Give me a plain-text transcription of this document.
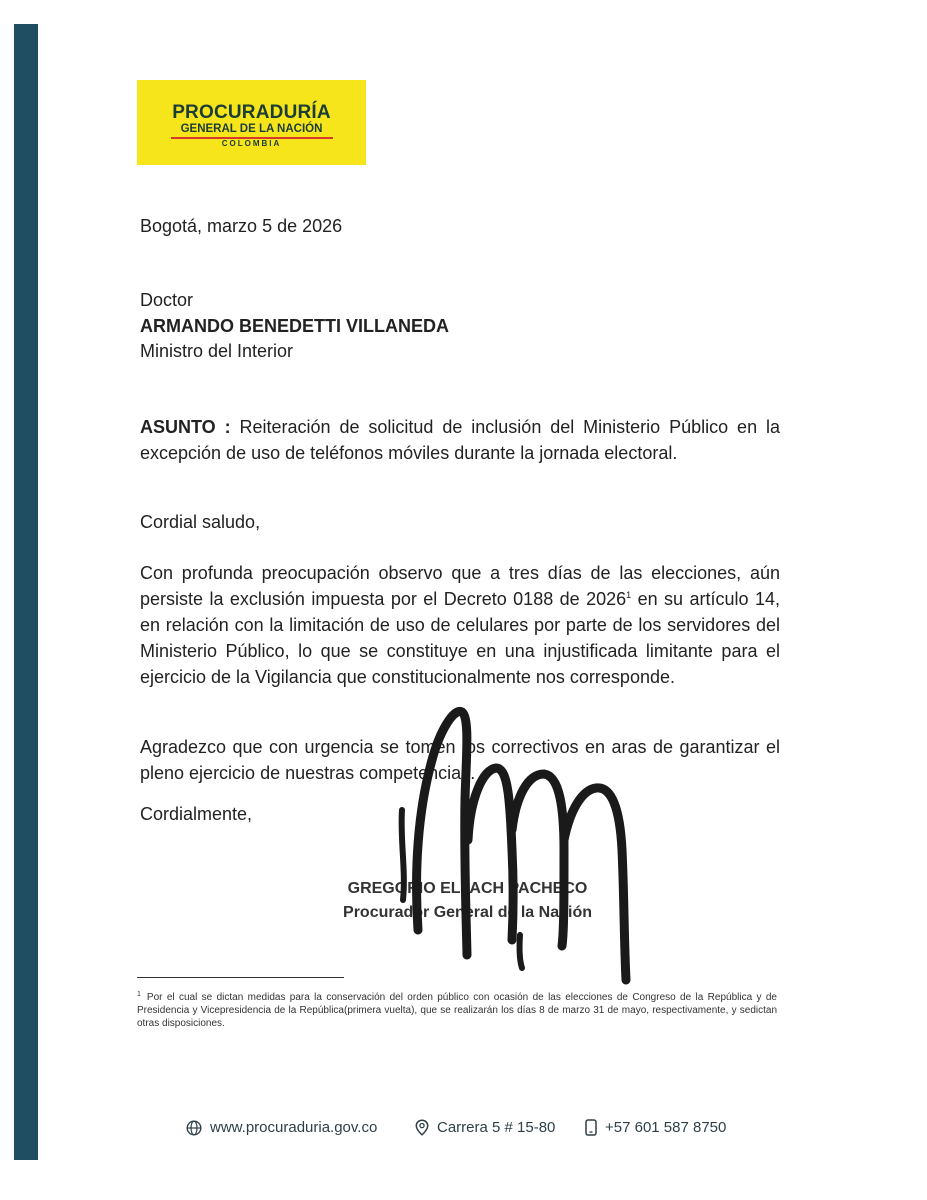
PROCURADURÍA
GENERAL DE LA NACIÓN
COLOMBIA
Bogotá, marzo 5 de 2026
Doctor
ARMANDO BENEDETTI VILLANEDA
Ministro del Interior
ASUNTO : Reiteración de solicitud de inclusión del Ministerio Público en la excepción de uso de teléfonos móviles durante la jornada electoral.
Cordial saludo,
Con profunda preocupación observo que a tres días de las elecciones, aún persiste la exclusión impuesta por el Decreto 0188 de 2026$^1$ en su artículo 14, en relación con la limitación de uso de celulares por parte de los servidores del Ministerio Público, lo que se constituye en una injustificada limitante para el ejercicio de la Vigilancia que constitucionalmente nos corresponde.
Agradezco que con urgencia se tomen los correctivos en aras de garantizar el pleno ejercicio de nuestras competencias.
Cordialmente,
GREGORIO ELJACH PACHECO
Procurador General de la Nación
$^1$ Por el cual se dictan medidas para la conservación del orden público con ocasión de las elecciones de Congreso de la República y de Presidencia y Vicepresidencia de la República(primera vuelta), que se realizarán los días 8 de marzo 31 de mayo, respectivamente, y sedictan otras disposiciones.
www.procuraduria.gov.co	Carrera 5 # 15-80	+57 601 587 8750
